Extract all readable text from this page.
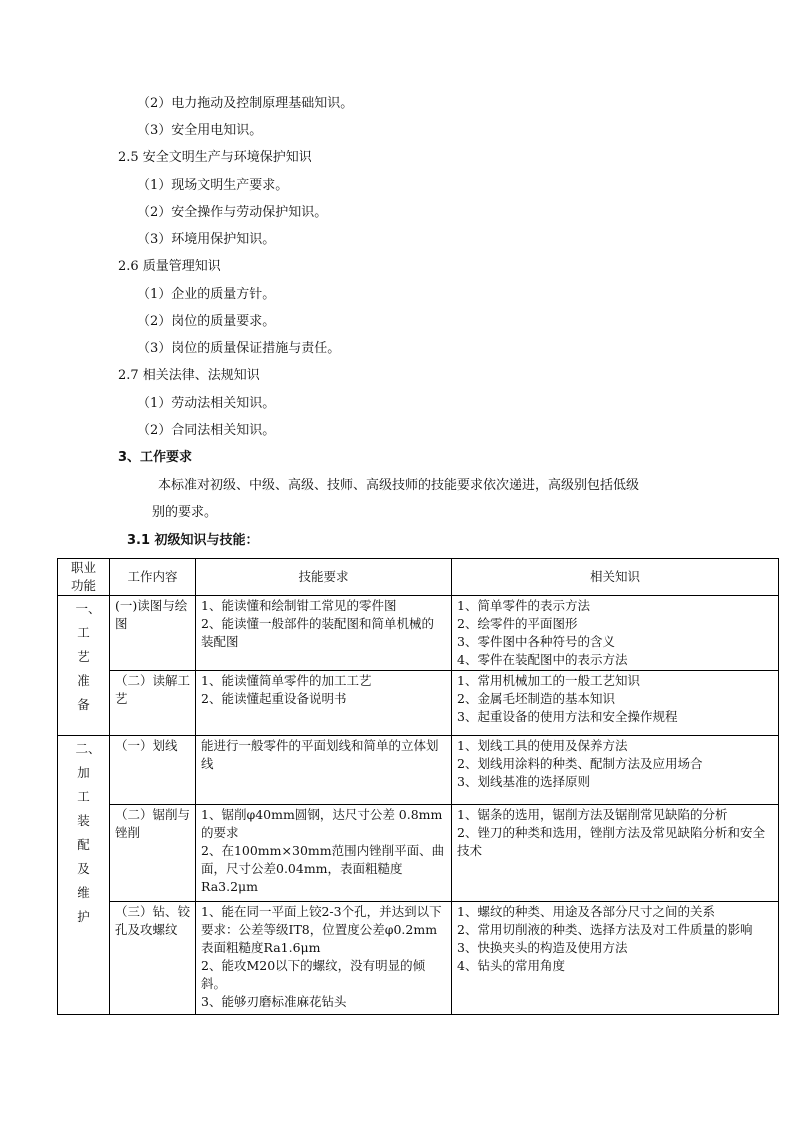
（2）电力拖动及控制原理基础知识。
（3）安全用电知识。
2.5 安全文明生产与环境保护知识
（1）现场文明生产要求。
（2）安全操作与劳动保护知识。
（3）环境用保护知识。
2.6 质量管理知识
（1）企业的质量方针。
（2）岗位的质量要求。
（3）岗位的质量保证措施与责任。
2.7 相关法律、法规知识
（1）劳动法相关知识。
（2）合同法相关知识。
3、工作要求
本标准对初级、中级、高级、技师、高级技师的技能要求依次递进，高级别包括低级
别的要求。
3.1 初级知识与技能：
职业功能	工作内容	技能要求	相关知识
一、工艺准备	(一)读图与绘图	1、能读懂和绘制钳工常见的零件图
2、能读懂一般部件的装配图和简单机械的装配图	1、简单零件的表示方法
2、绘零件的平面图形
3、零件图中各种符号的含义
4、零件在装配图中的表示方法

	（二）读解工艺	1、能读懂简单零件的加工工艺
2、能读懂起重设备说明书	1、常用机械加工的一般工艺知识
2、金属毛坯制造的基本知识
3、起重设备的使用方法和安全操作规程

二、加工装配及维护	（一）划线	能进行一般零件的平面划线和简单的立体划线	1、划线工具的使用及保养方法
2、划线用涂料的种类、配制方法及应用场合
3、划线基准的选择原则

	（二）锯削与锉削	1、锯削φ40mm圆钢，达尺寸公差 0.8mm的要求
2、在100mm×30mm范围内锉削平面、曲面，尺寸公差0.04mm，表面粗糙度Ra3.2μm	1、锯条的选用，锯削方法及锯削常见缺陷的分析
2、锉刀的种类和选用，锉削方法及常见缺陷分析和安全技术

	（三）钻、铰孔及攻螺纹	1、能在同一平面上铰2-3个孔，并达到以下要求：公差等级IT8，位置度公差φ0.2mm表面粗糙度Ra1.6μm
2、能攻M20以下的螺纹，没有明显的倾斜。
3、能够刃磨标准麻花钻头	1、螺纹的种类、用途及各部分尺寸之间的关系
2、常用切削液的种类、选择方法及对工件质量的影响
3、快换夹头的构造及使用方法
4、钻头的常用角度
